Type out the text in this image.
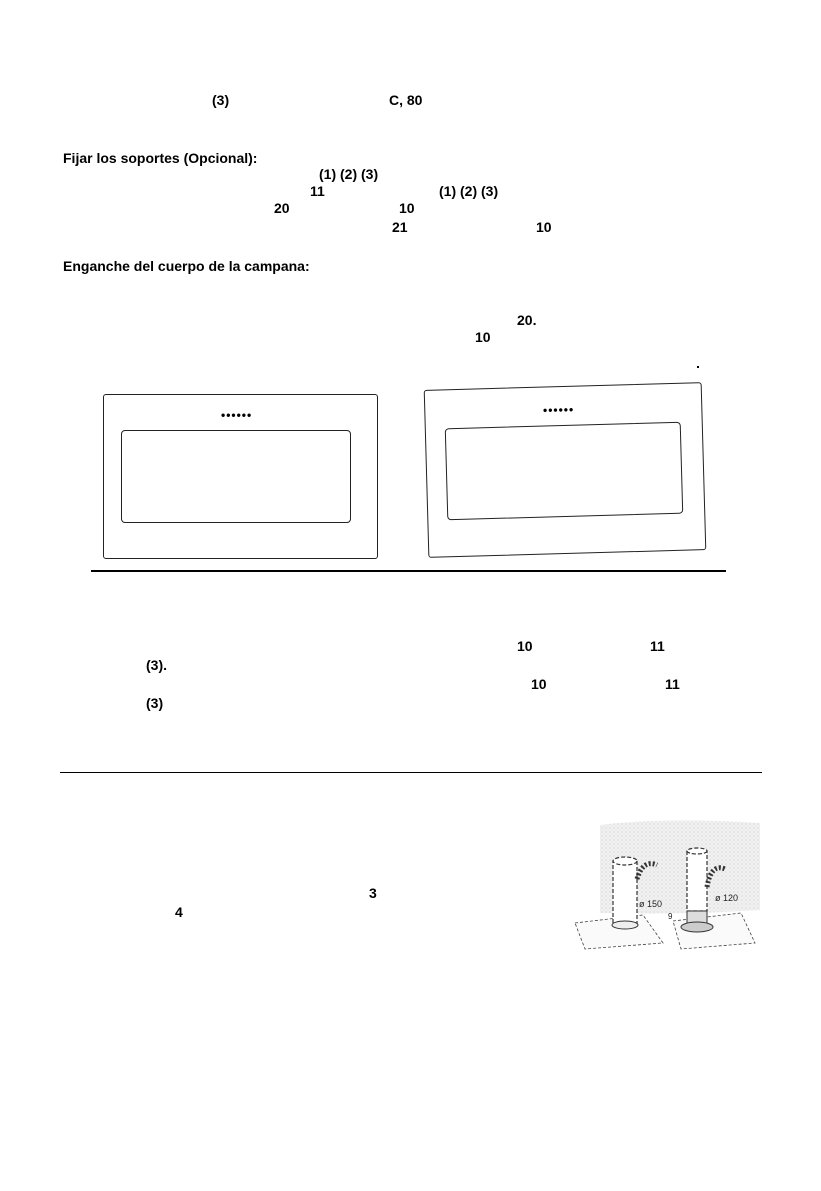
(3)	C, 80
Fijar los soportes (Opcional):
(1) (2) (3)
11	(1) (2) (3)
20	10
21	10
Enganche del cuerpo de la campana:
20.
10
••••••	••••••
10	11
(3).
10	11
(3)
3
4	ø 150
ø 120
9
